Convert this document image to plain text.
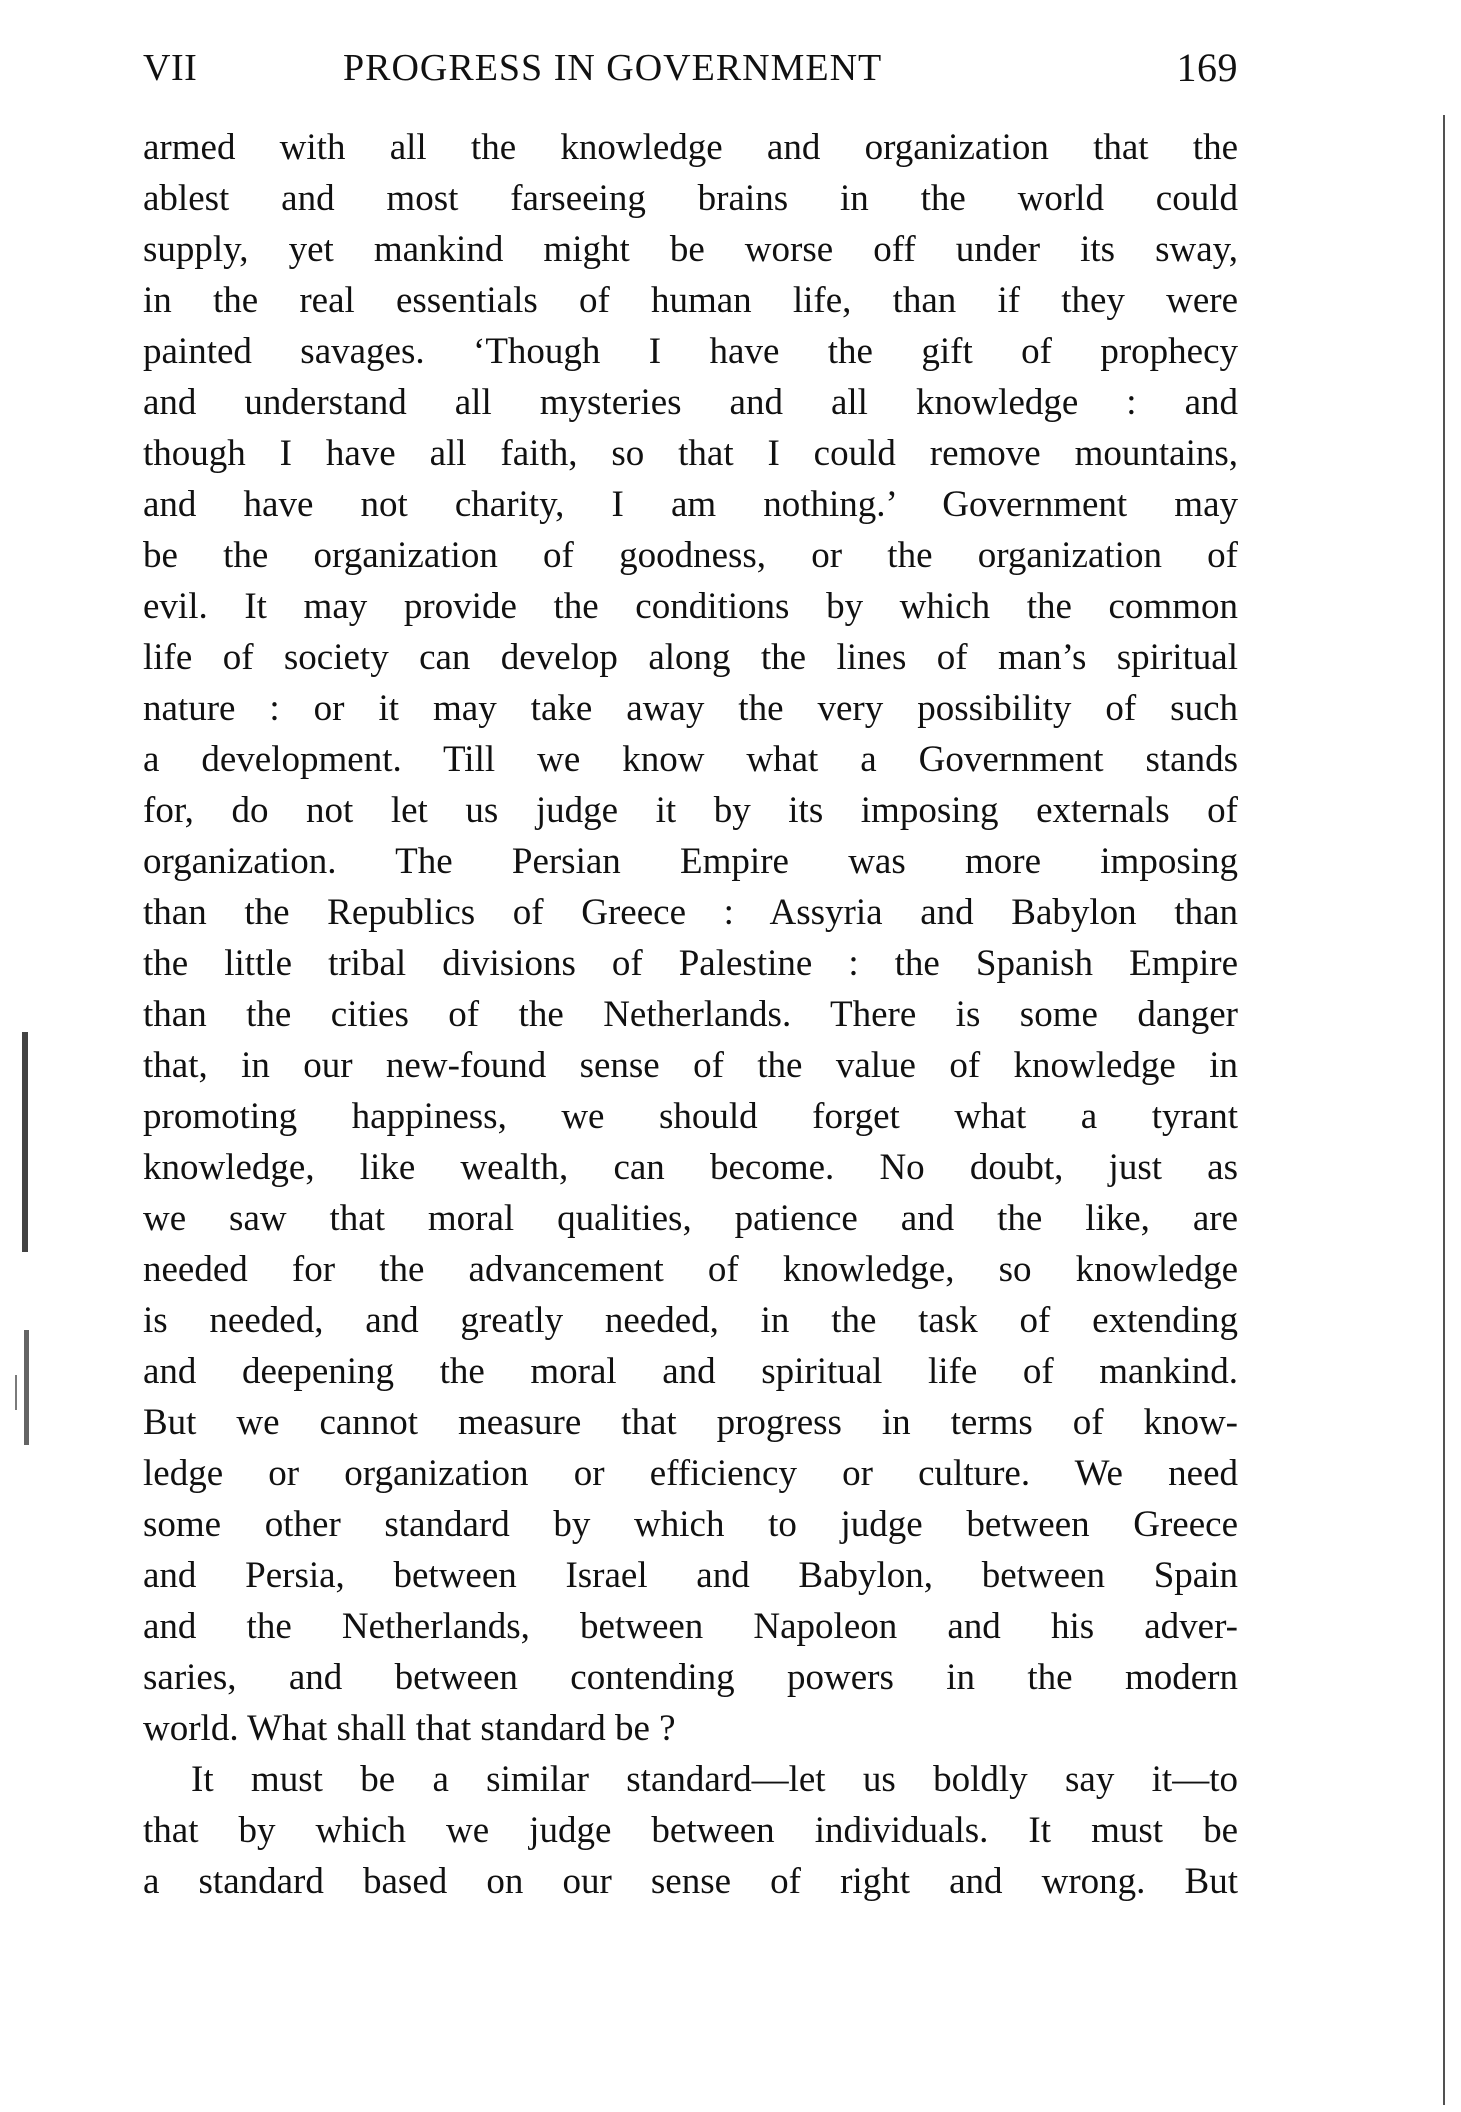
VII	PROGRESS IN GOVERNMENT	169
armed with all the knowledge and organization that the
ablest and most farseeing brains in the world could
supply, yet mankind might be worse off under its sway,
in the real essentials of human life, than if they were
painted savages. ‘Though I have the gift of prophecy
and understand all mysteries and all knowledge : and
though I have all faith, so that I could remove mountains,
and have not charity, I am nothing.’ Government may
be the organization of goodness, or the organization of
evil. It may provide the conditions by which the common
life of society can develop along the lines of man’s spiritual
nature : or it may take away the very possibility of such
a development. Till we know what a Government stands
for, do not let us judge it by its imposing externals of
organization. The Persian Empire was more imposing
than the Republics of Greece : Assyria and Babylon than
the little tribal divisions of Palestine : the Spanish Empire
than the cities of the Netherlands. There is some danger
that, in our new-found sense of the value of knowledge in
promoting happiness, we should forget what a tyrant
knowledge, like wealth, can become. No doubt, just as
we saw that moral qualities, patience and the like, are
needed for the advancement of knowledge, so knowledge
is needed, and greatly needed, in the task of extending
and deepening the moral and spiritual life of mankind.
But we cannot measure that progress in terms of know-
ledge or organization or efficiency or culture. We need
some other standard by which to judge between Greece
and Persia, between Israel and Babylon, between Spain
and the Netherlands, between Napoleon and his adver-
saries, and between contending powers in the modern
world. What shall that standard be ?
It must be a similar standard—let us boldly say it—to
that by which we judge between individuals. It must be
a standard based on our sense of right and wrong. But
